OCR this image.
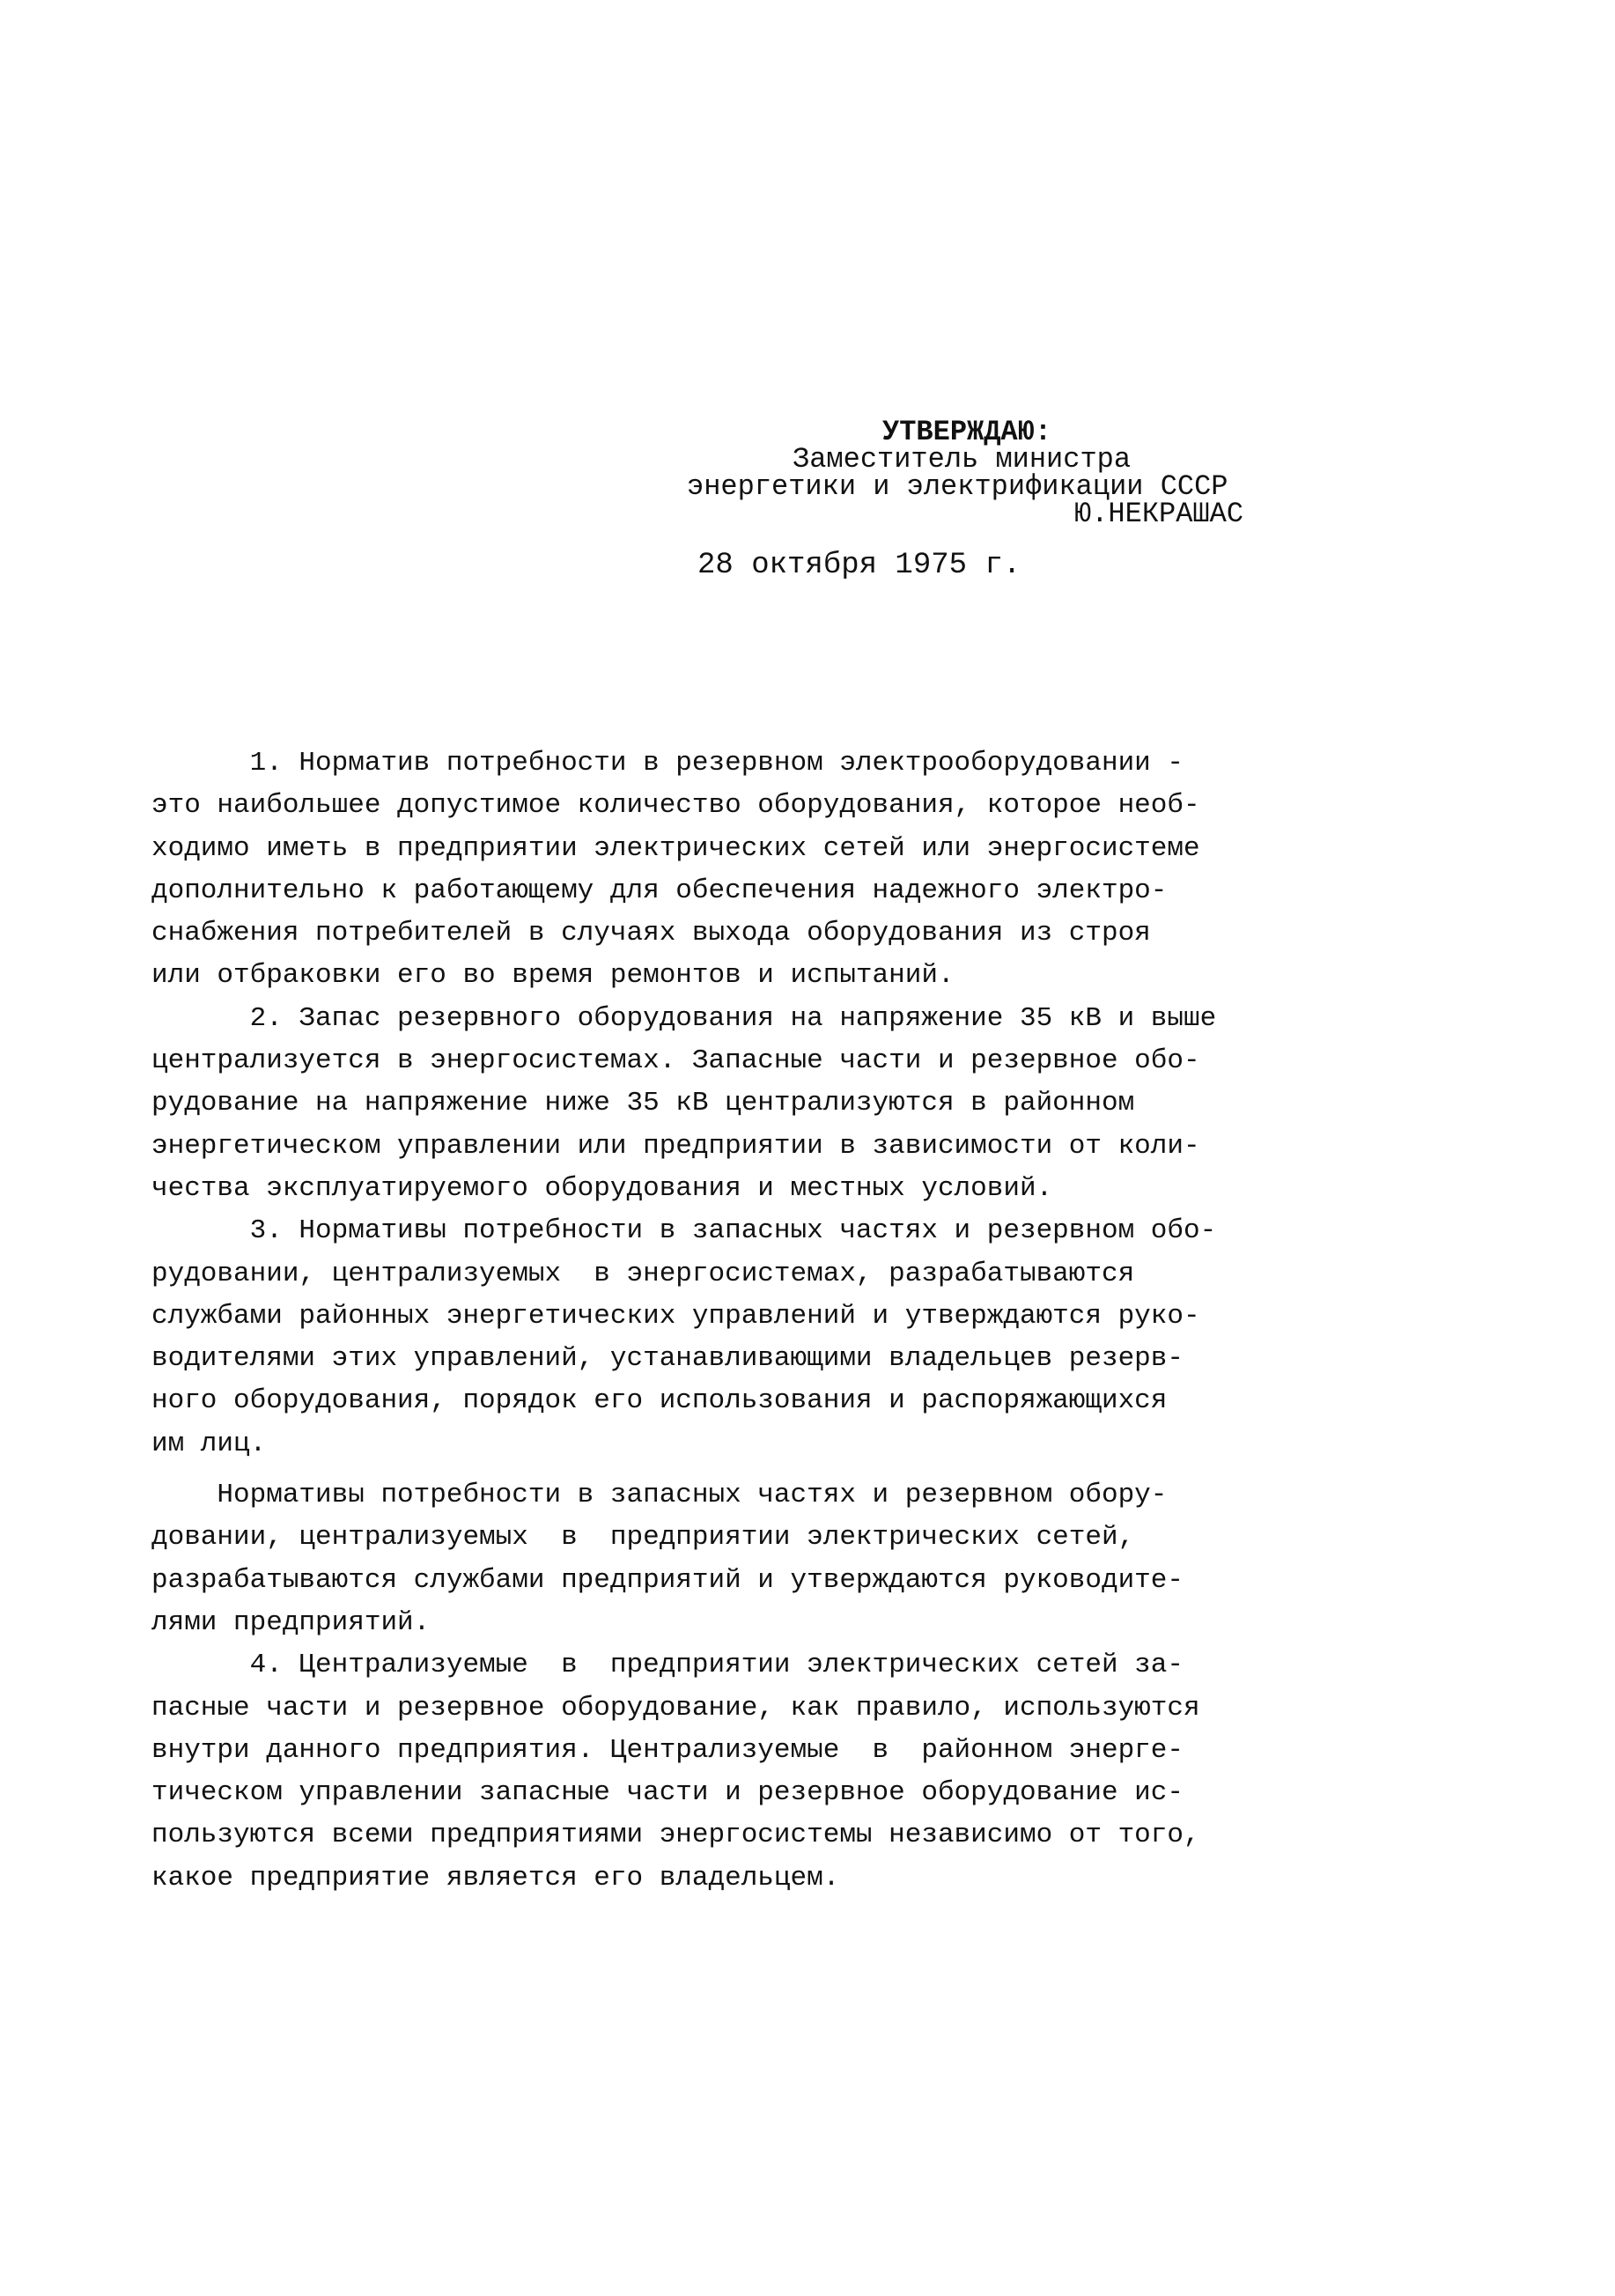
УТВЕРЖДАЮ:
Заместитель министра
энергетики и электрификации СССР
Ю.НЕКРАШАС
28 октября 1975 г.
1. Норматив потребности в резервном электрооборудовании -
это наибольшее допустимое количество оборудования, которое необ-
ходимо иметь в предприятии электрических сетей или энергосистеме
дополнительно к работающему для обеспечения надежного электро-
снабжения потребителей в случаях выхода оборудования из строя
или отбраковки его во время ремонтов и испытаний.
2. Запас резервного оборудования на напряжение 35 кВ и выше
централизуется в энергосистемах. Запасные части и резервное обо-
рудование на напряжение ниже 35 кВ централизуются в районном
энергетическом управлении или предприятии в зависимости от коли-
чества эксплуатируемого оборудования и местных условий.
3. Нормативы потребности в запасных частях и резервном обо-
рудовании, централизуемых  в энергосистемах, разрабатываются
службами районных энергетических управлений и утверждаются руко-
водителями этих управлений, устанавливающими владельцев резерв-
ного оборудования, порядок его использования и распоряжающихся
им лиц.
Нормативы потребности в запасных частях и резервном обору-
довании, централизуемых  в  предприятии электрических сетей,
разрабатываются службами предприятий и утверждаются руководите-
лями предприятий.
4. Централизуемые  в  предприятии электрических сетей за-
пасные части и резервное оборудование, как правило, используются
внутри данного предприятия. Централизуемые  в  районном энерге-
тическом управлении запасные части и резервное оборудование ис-
пользуются всеми предприятиями энергосистемы независимо от того,
какое предприятие является его владельцем.
